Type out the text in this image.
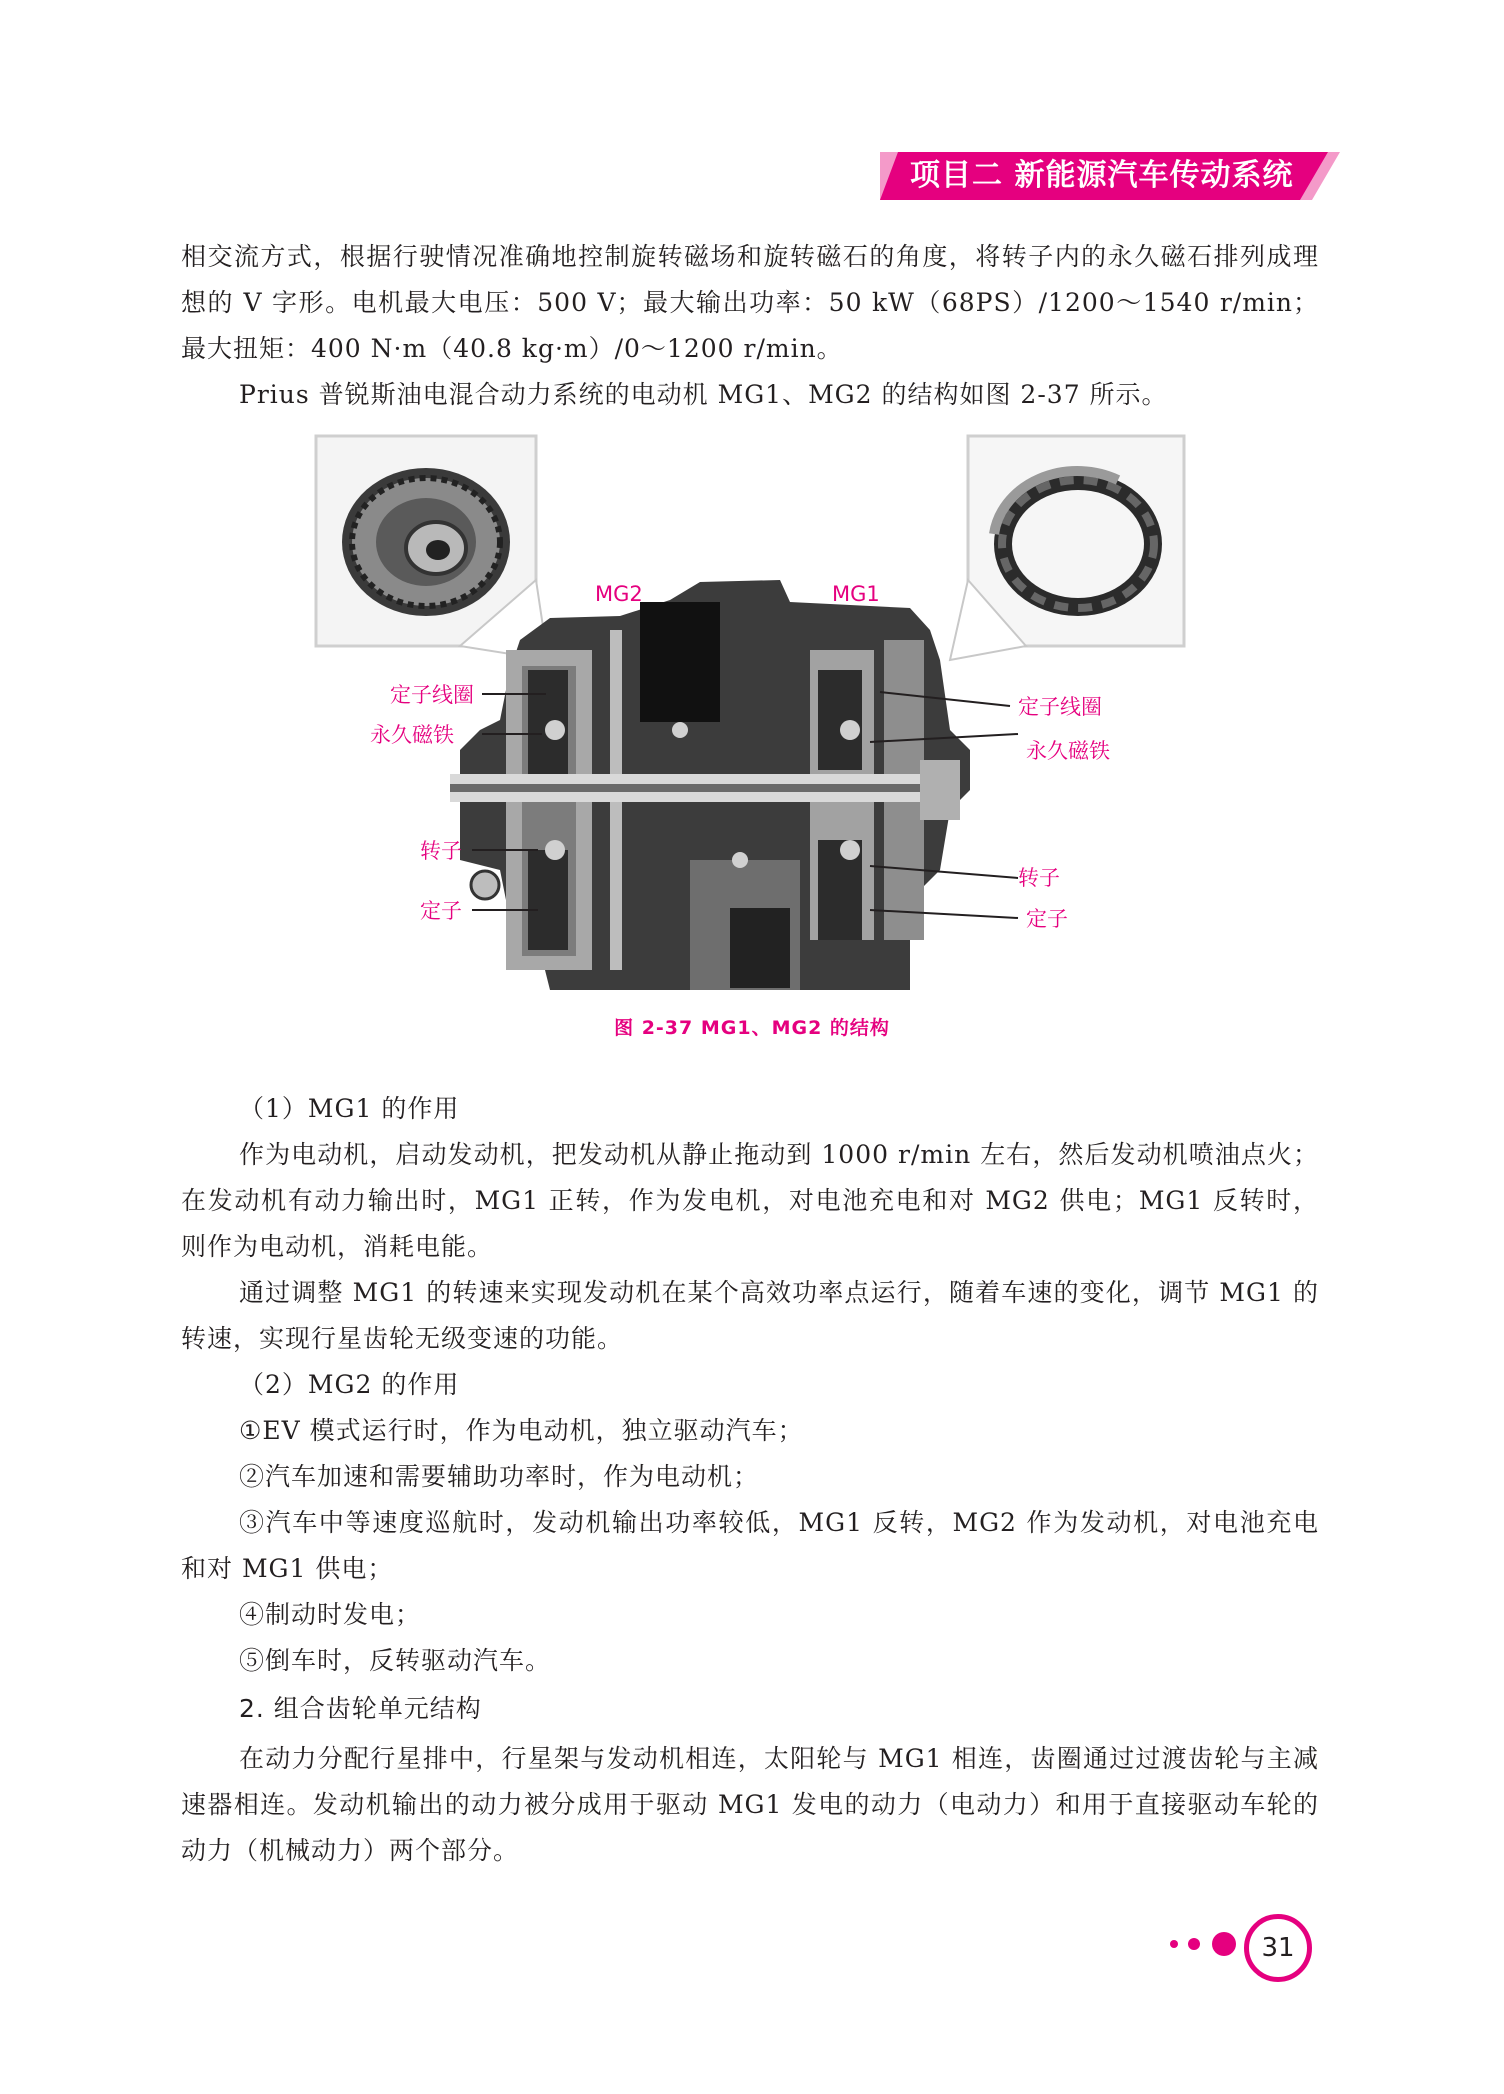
项目二 新能源汽车传动系统

相交流方式，根据行驶情况准确地控制旋转磁场和旋转磁石的角度，将转子内的永久磁石排列成理想的 V 字形。电机最大电压：500 V；最大输出功率：50 kW（68PS）/1200～1540 r/min；最大扭矩：400 N·m（40.8 kg·m）/0～1200 r/min。

Prius 普锐斯油电混合动力系统的电动机 MG1、MG2 的结构如图 2-37 所示。

MG2	MG1
定子线圈
永久磁铁
转子
定子
定子线圈
永久磁铁
转子
定子
图 2-37 MG1、MG2 的结构

（1）MG1 的作用

作为电动机，启动发动机，把发动机从静止拖动到 1000 r/min 左右，然后发动机喷油点火；在发动机有动力输出时，MG1 正转，作为发电机，对电池充电和对 MG2 供电；MG1 反转时，则作为电动机，消耗电能。

通过调整 MG1 的转速来实现发动机在某个高效功率点运行，随着车速的变化，调节 MG1 的转速，实现行星齿轮无级变速的功能。

（2）MG2 的作用

①EV 模式运行时，作为电动机，独立驱动汽车；

②汽车加速和需要辅助功率时，作为电动机；

③汽车中等速度巡航时，发动机输出功率较低，MG1 反转，MG2 作为发动机，对电池充电和对 MG1 供电；

④制动时发电；

⑤倒车时，反转驱动汽车。

2. 组合齿轮单元结构

在动力分配行星排中，行星架与发动机相连，太阳轮与 MG1 相连，齿圈通过过渡齿轮与主减速器相连。发动机输出的动力被分成用于驱动 MG1 发电的动力（电动力）和用于直接驱动车轮的动力（机械动力）两个部分。

31
